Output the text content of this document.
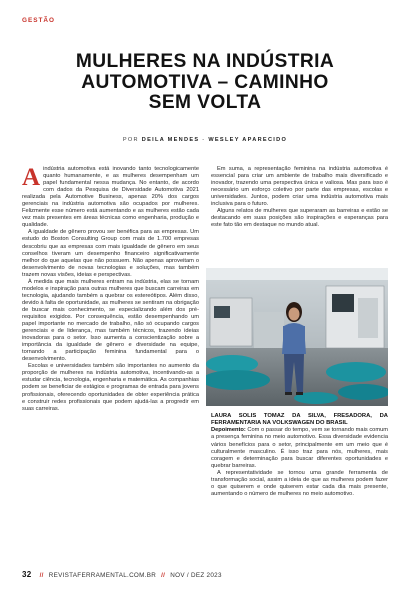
GESTÃO
MULHERES NA INDÚSTRIA
AUTOMOTIVA – CAMINHO
SEM VOLTA
POR DEILA MENDES - WESLEY APARECIDO

Aindústria automotiva está inovando tanto tecnologicamente quanto humanamente, e as mulheres desempenham um papel fundamental nessa mudança. No entanto, de acordo com dados da Pesquisa de Diversidade Automotiva 2021 realizada pela Automotive Business, apenas 20% dos cargos gerenciais na indústria automotiva são ocupados por mulheres. Felizmente esse número está aumentando e as mulheres estão cada vez mais presentes em áreas técnicas como engenharia, produção e qualidade.

A igualdade de gênero provou ser benéfica para as empresas. Um estudo do Boston Consulting Group com mais de 1.700 empresas descobriu que as empresas com mais igualdade de gênero em seus conselhos tiveram um desempenho financeiro significativamente melhor do que aquelas que não possuem. Não apenas aproveitam o desenvolvimento de novas tecnologias e soluções, mas também trazem novas visões, ideias e perspectivas.

À medida que mais mulheres entram na indústria, elas se tornam modelos e inspiração para outras mulheres que buscam carreiras em tecnologia, ajudando também a quebrar os estereótipos. Além disso, devido à falta de oportunidade, as mulheres se sentiram na obrigação de buscar mais conhecimento, se especializando além dos pré-requisitos exigidos. Por consequência, estão desempenhando um papel importante no mercado de trabalho, não só ocupando cargos gerenciais e de liderança, mas também técnicos, trazendo ideias inovadoras para o setor. Isso aumenta a conscientização sobre a importância da igualdade de gênero e diversidade na equipe, tornando a participação feminina fundamental para o desenvolvimento.

Escolas e universidades também são importantes no aumento da proporção de mulheres na indústria automotiva, incentivando-as a estudar ciência, tecnologia, engenharia e matemática. As companhias podem se beneficiar de estágios e programas de entrada para jovens profissionais, oferecendo oportunidades de obter experiência prática e construir redes profissionais que podem ajudá-las a progredir em suas carreiras.

Em suma, a representação feminina na indústria automotiva é essencial para criar um ambiente de trabalho mais diversificado e inovador, trazendo uma perspectiva única e valiosa. Mas para isso é necessário um esforço coletivo por parte das empresas, escolas e universidades. Juntos, podem criar uma indústria automotiva mais inclusiva para o futuro.

Alguns relatos de mulheres que superaram as barreiras e estão se destacando em suas posições são inspirações e esperanças para este fato tão em destaque no mundo atual.

LAURA SOLIS TOMAZ DA SILVA, FRESADORA, DA FERRAMENTARIA NA VOLKSWAGEN DO BRASIL

Depoimento: Com o passar do tempo, vem se tornando mais comum a presença feminina no meio automotivo. Essa diversidade evidencia vários benefícios para o setor, principalmente em um meio que é culturalmente masculino. É isso traz para nós, mulheres, mais coragem e determinação para buscar diferentes oportunidades e quebrar barreiras.

A representatividade se tornou uma grande ferramenta de transformação social, assim a ideia de que as mulheres podem fazer o que quiserem e onde quiserem estar cada dia mais presente, aumentando o número de mulheres no meio automotivo.

32 // REVISTAFERRAMENTAL.COM.BR // NOV / DEZ 2023
